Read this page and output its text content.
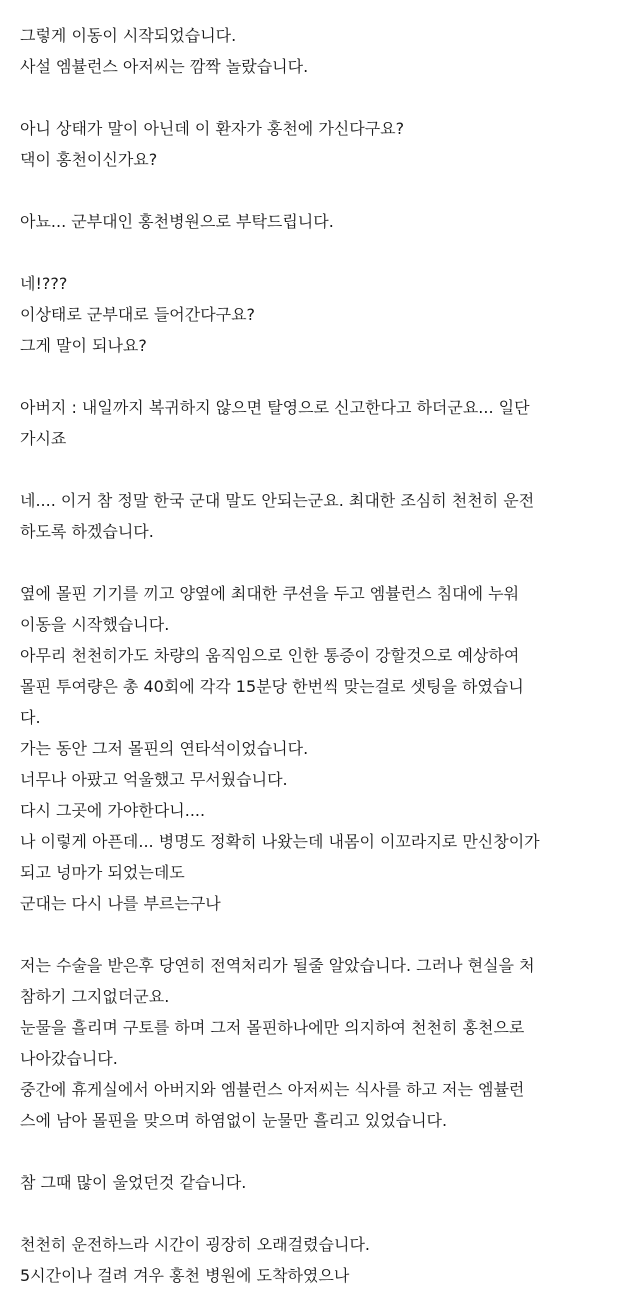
그렇게 이동이 시작되었습니다.
사설 엠뷸런스 아저씨는 깜짝 놀랐습니다.
아니 상태가 말이 아닌데 이 환자가 홍천에 가신다구요?
댁이 홍천이신가요?
아뇨... 군부대인 홍천병원으로 부탁드립니다.
네!???
이상태로 군부대로 들어간다구요?
그게 말이 되나요?
아버지 : 내일까지 복귀하지 않으면 탈영으로 신고한다고 하더군요... 일단
가시죠
네.... 이거 참 정말 한국 군대 말도 안되는군요. 최대한 조심히 천천히 운전
하도록 하겠습니다.
옆에 몰핀 기기를 끼고 양옆에 최대한 쿠션을 두고 엠뷸런스 침대에 누워
이동을 시작했습니다.
아무리 천천히가도 차량의 움직임으로 인한 통증이 강할것으로 예상하여
몰핀 투여량은 총 40회에 각각 15분당 한번씩 맞는걸로 셋팅을 하였습니
다.
가는 동안 그저 몰핀의 연타석이었습니다.
너무나 아팠고 억울했고 무서웠습니다.
다시 그곳에 가야한다니....
나 이렇게 아픈데... 병명도 정확히 나왔는데 내몸이 이꼬라지로 만신창이가
되고 넝마가 되었는데도
군대는 다시 나를 부르는구나
저는 수술을 받은후 당연히 전역처리가 될줄 알았습니다. 그러나 현실을 처
참하기 그지없더군요.
눈물을 흘리며 구토를 하며 그저 몰핀하나에만 의지하여 천천히 홍천으로
나아갔습니다.
중간에 휴게실에서 아버지와 엠뷸런스 아저씨는 식사를 하고 저는 엠뷸런
스에 남아 몰핀을 맞으며 하염없이 눈물만 흘리고 있었습니다.
참 그때 많이 울었던것 같습니다.
천천히 운전하느라 시간이 굉장히 오래걸렸습니다.
5시간이나 걸려 겨우 홍천 병원에 도착하였으나
